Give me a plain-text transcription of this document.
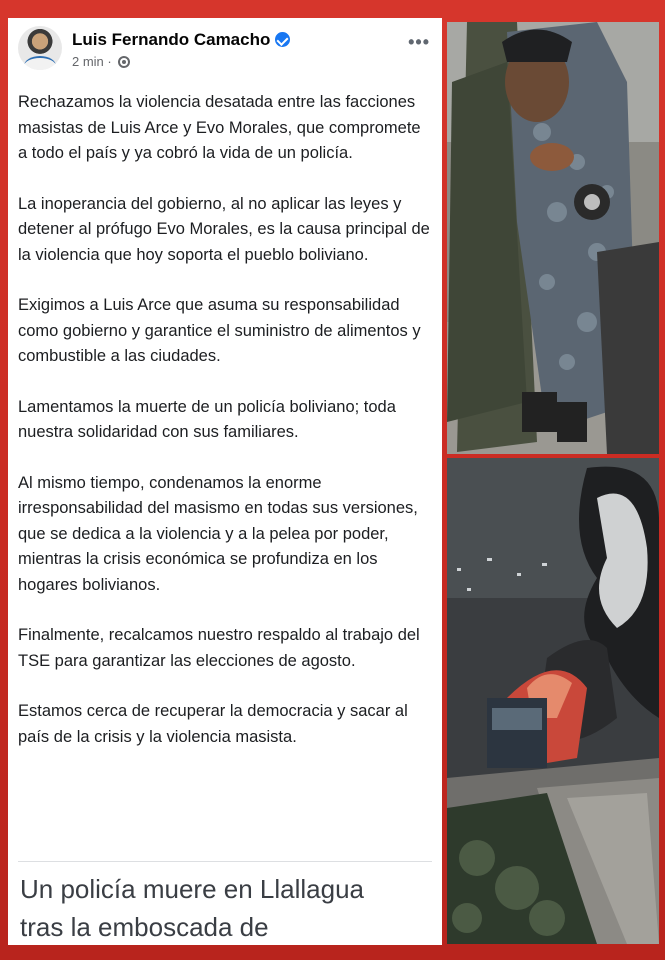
Luis Fernando Camacho
2 min ·
•••

Rechazamos la violencia desatada entre las facciones masistas de Luis Arce y Evo Morales, que compromete a todo el país y ya cobró la vida de un policía.

La inoperancia del gobierno, al no aplicar las leyes y detener al prófugo Evo Morales, es la causa principal de la violencia que hoy soporta el pueblo boliviano.

Exigimos a Luis Arce que asuma su responsabilidad como gobierno y garantice el suministro de alimentos y combustible a las ciudades.

Lamentamos la muerte de un policía boliviano; toda nuestra solidaridad con sus familiares.

Al mismo tiempo, condenamos la enorme irresponsabilidad del masismo en todas sus versiones, que se dedica a la violencia y a la pelea por poder, mientras la crisis económica se profundiza en los hogares bolivianos.

Finalmente, recalcamos nuestro respaldo al trabajo del TSE para garantizar las elecciones de agosto.

Estamos cerca de recuperar la democracia y sacar al país de la crisis y la violencia masista.

Un policía muere en Llallagua
tras la emboscada de
